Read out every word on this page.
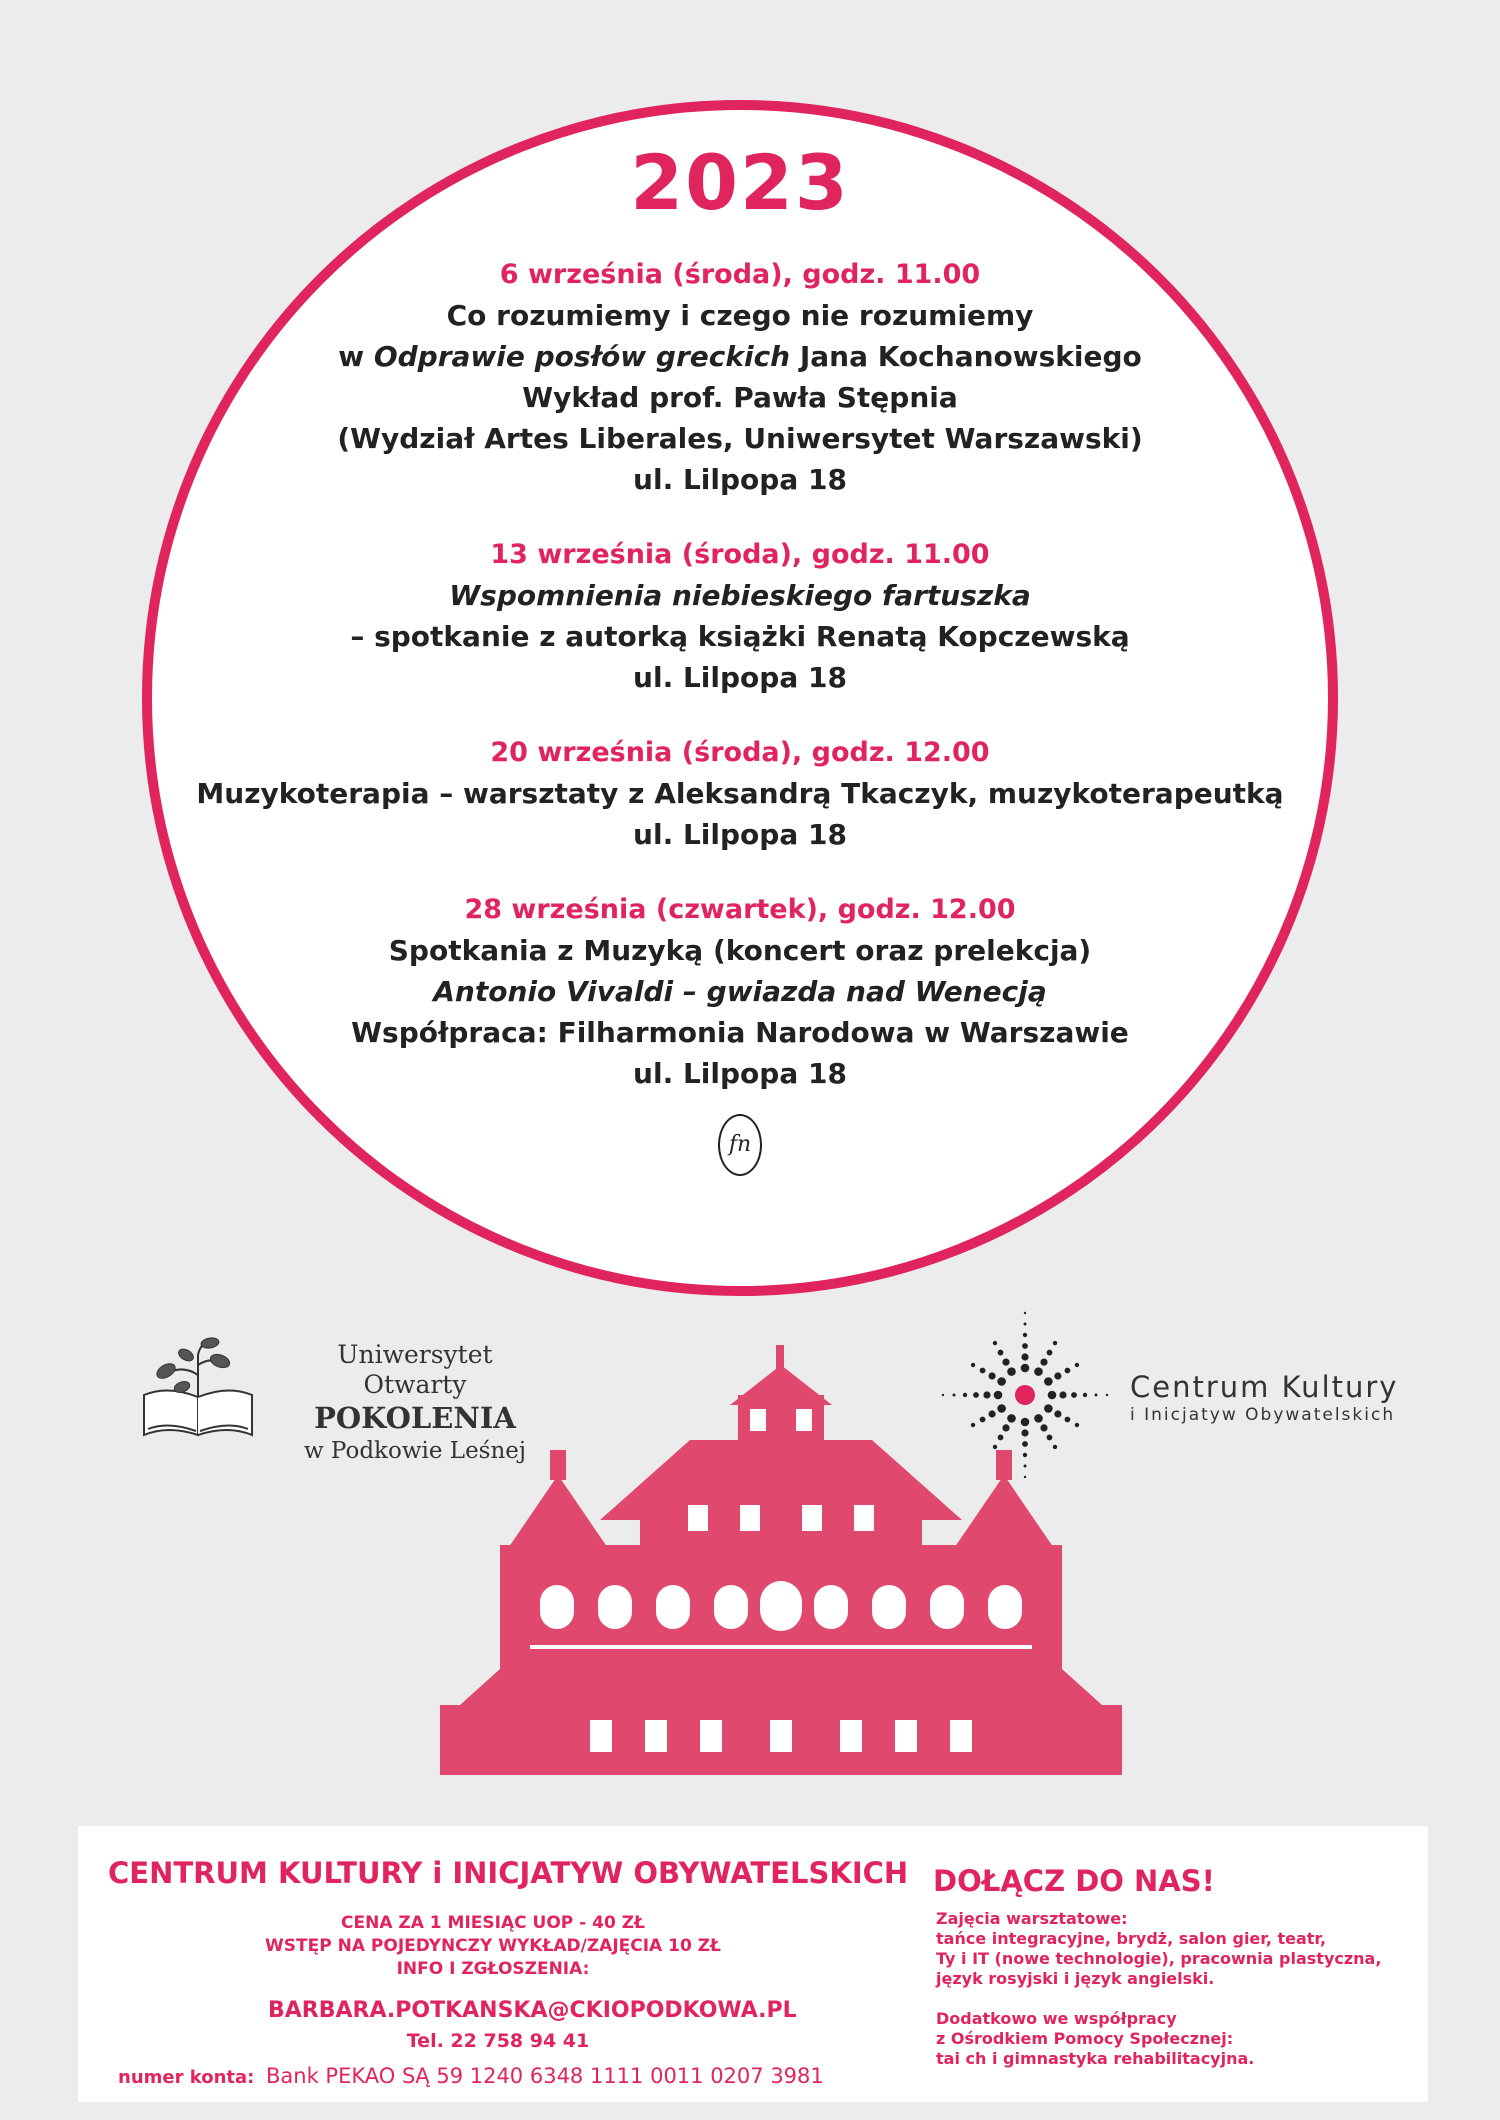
2023
6 września (środa), godz. 11.00
Co rozumiemy i czego nie rozumiemy
w Odprawie posłów greckich Jana Kochanowskiego
Wykład prof. Pawła Stępnia
(Wydział Artes Liberales, Uniwersytet Warszawski)
ul. Lilpopa 18
13 września (środa), godz. 11.00
Wspomnienia niebieskiego fartuszka
– spotkanie z autorką książki Renatą Kopczewską
ul. Lilpopa 18
20 września (środa), godz. 12.00
Muzykoterapia – warsztaty z Aleksandrą Tkaczyk, muzykoterapeutką
ul. Lilpopa 18
28 września (czwartek), godz. 12.00
Spotkania z Muzyką (koncert oraz prelekcja)
Antonio Vivaldi – gwiazda nad Wenecją
Współpraca: Filharmonia Narodowa w Warszawie
ul. Lilpopa 18
fn
Uniwersytet Otwarty
POKOLENIA
w Podkowie Leśnej
Centrum Kultury
i Inicjatyw Obywatelskich
CENTRUM KULTURY i INICJATYW OBYWATELSKICH
CENA ZA 1 MIESIĄC UOP - 40 ZŁ
WSTĘP NA POJEDYNCZY WYKŁAD/ZAJĘCIA 10 ZŁ
INFO I ZGŁOSZENIA:
BARBARA.POTKANSKA@CKIOPODKOWA.PL
Tel. 22 758 94 41
numer konta: Bank PEKAO SĄ 59 1240 6348 1111 0011 0207 3981
DOŁĄCZ DO NAS!
Zajęcia warsztatowe:
tańce integracyjne, brydż, salon gier, teatr,
Ty i IT (nowe technologie), pracownia plastyczna,
język rosyjski i język angielski.
Dodatkowo we współpracy
z Ośrodkiem Pomocy Społecznej:
tai ch i gimnastyka rehabilitacyjna.
